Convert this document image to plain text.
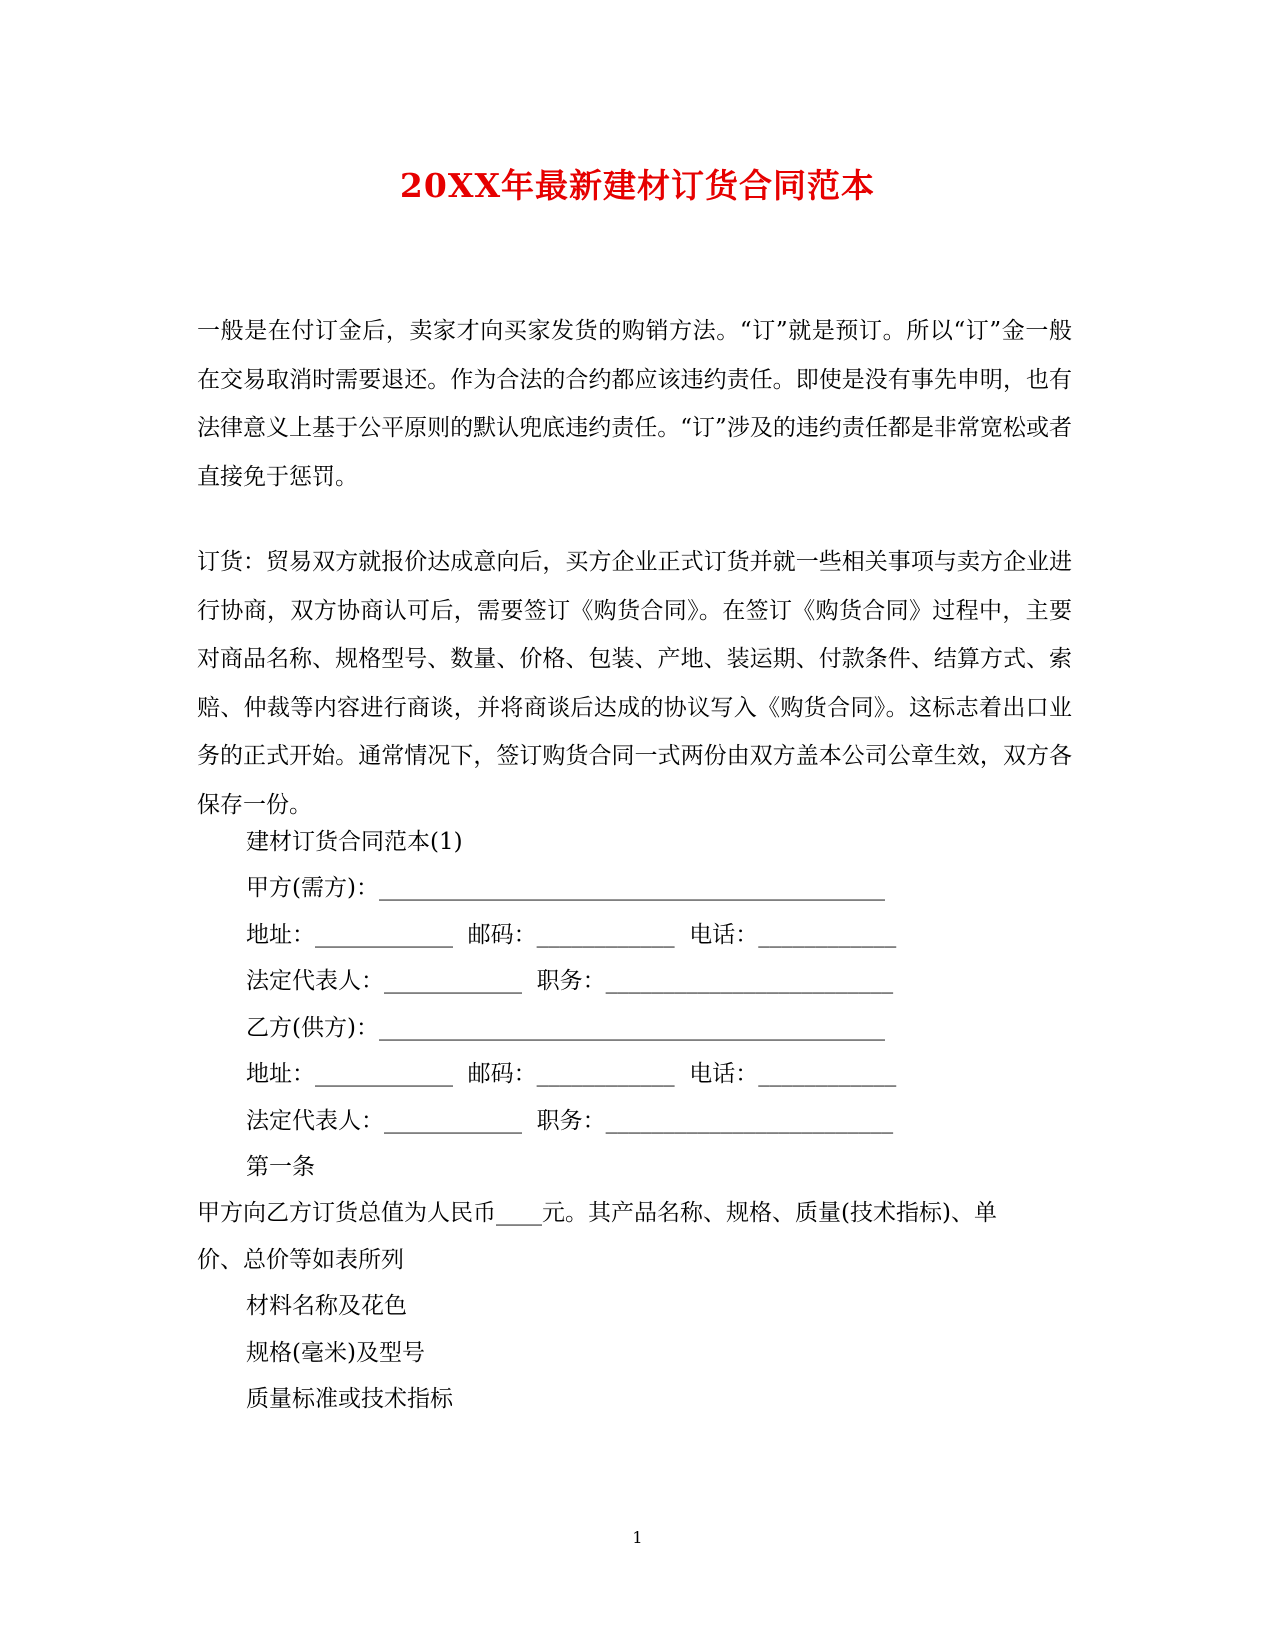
20XX年最新建材订货合同范本

一般是在付订金后，卖家才向买家发货的购销方法。“订”就是预订。所以“订”金一般在交易取消时需要退还。作为合法的合约都应该违约责任。即使是没有事先申明，也有法律意义上基于公平原则的默认兜底违约责任。“订”涉及的违约责任都是非常宽松或者直接免于惩罚。

订货：贸易双方就报价达成意向后，买方企业正式订货并就一些相关事项与卖方企业进行协商，双方协商认可后，需要签订《购货合同》。在签订《购货合同》过程中，主要对商品名称、规格型号、数量、价格、包装、产地、装运期、付款条件、结算方式、索赔、仲裁等内容进行商谈，并将商谈后达成的协议写入《购货合同》。这标志着出口业务的正式开始。通常情况下，签订购货合同一式两份由双方盖本公司公章生效，双方各保存一份。

建材订货合同范本(1)
甲方(需方)：____________________________________________
地址：____________  邮码：____________  电话：____________
法定代表人：____________  职务：_________________________
乙方(供方)：____________________________________________
地址：____________  邮码：____________  电话：____________
法定代表人：____________  职务：_________________________
第一条
甲方向乙方订货总值为人民币____元。其产品名称、规格、质量(技术指标)、单
价、总价等如表所列
材料名称及花色
规格(毫米)及型号
质量标准或技术指标
1
